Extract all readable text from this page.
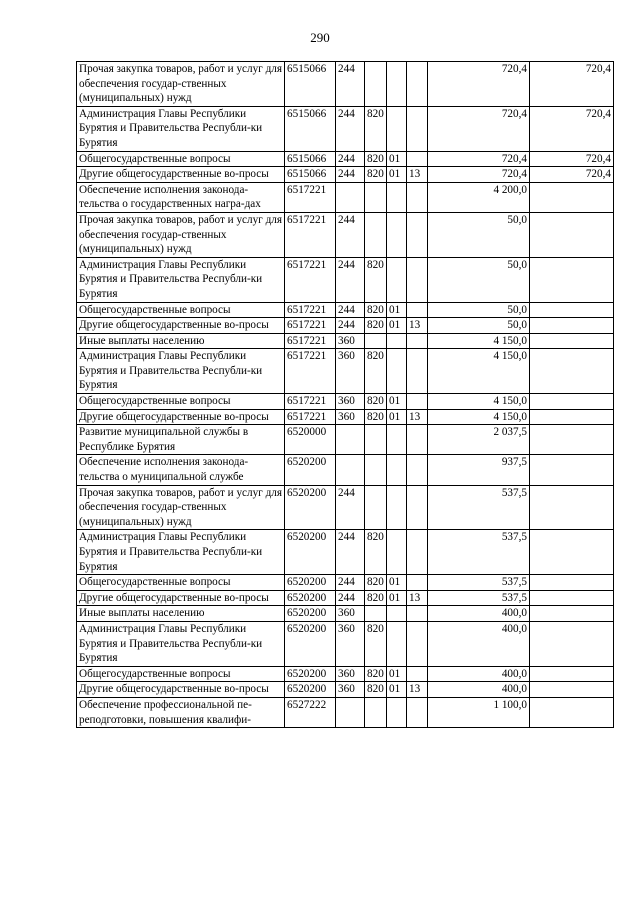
290
Прочая закупка товаров, работ и услуг для обеспечения государ-ственных (муниципальных) нужд	6515066	244				720,4	720,4
Администрация Главы Республики Бурятия и Правительства Республи-ки Бурятия	6515066	244	820			720,4	720,4
Общегосударственные вопросы	6515066	244	820	01		720,4	720,4
Другие общегосударственные во-просы	6515066	244	820	01	13	720,4	720,4
Обеспечение исполнения законода-тельства о государственных награ-дах	6517221					4 200,0	
Прочая закупка товаров, работ и услуг для обеспечения государ-ственных (муниципальных) нужд	6517221	244				50,0	
Администрация Главы Республики Бурятия и Правительства Республи-ки Бурятия	6517221	244	820			50,0	
Общегосударственные вопросы	6517221	244	820	01		50,0	
Другие общегосударственные во-просы	6517221	244	820	01	13	50,0	
Иные выплаты населению	6517221	360				4 150,0	
Администрация Главы Республики Бурятия и Правительства Республи-ки Бурятия	6517221	360	820			4 150,0	
Общегосударственные вопросы	6517221	360	820	01		4 150,0	
Другие общегосударственные во-просы	6517221	360	820	01	13	4 150,0	
Развитие муниципальной службы в Республике Бурятия	6520000					2 037,5	
Обеспечение исполнения законода-тельства о муниципальной службе	6520200					937,5	
Прочая закупка товаров, работ и услуг для обеспечения государ-ственных (муниципальных) нужд	6520200	244				537,5	
Администрация Главы Республики Бурятия и Правительства Республи-ки Бурятия	6520200	244	820			537,5	
Общегосударственные вопросы	6520200	244	820	01		537,5	
Другие общегосударственные во-просы	6520200	244	820	01	13	537,5	
Иные выплаты населению	6520200	360				400,0	
Администрация Главы Республики Бурятия и Правительства Республи-ки Бурятия	6520200	360	820			400,0	
Общегосударственные вопросы	6520200	360	820	01		400,0	
Другие общегосударственные во-просы	6520200	360	820	01	13	400,0	
Обеспечение профессиональной пе-реподготовки, повышения квалифи-	6527222					1 100,0	
